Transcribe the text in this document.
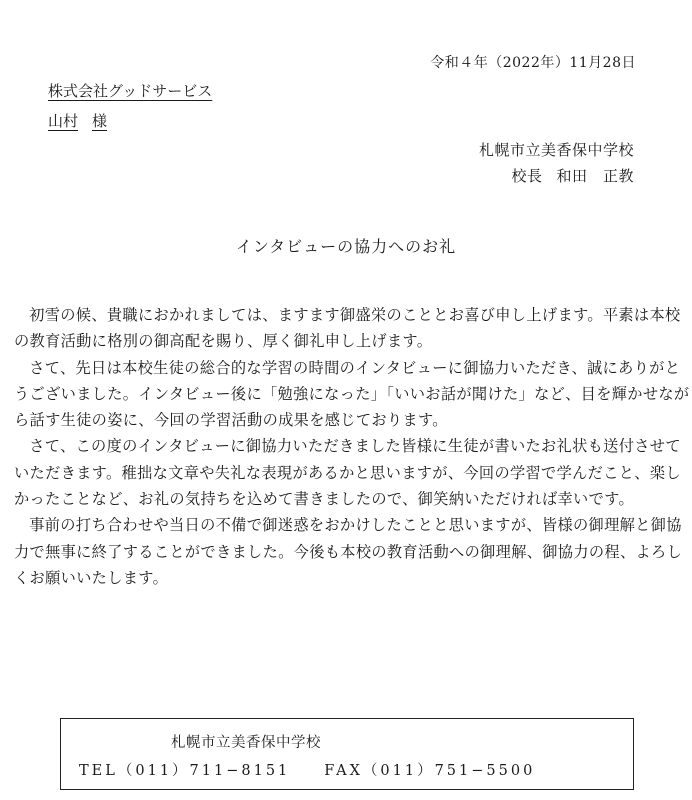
令和４年（2022年）11月28日
株式会社グッドサービス
山村 様
札幌市立美香保中学校
校長 和田　正教
インタビューの協力へのお礼

初雪の候、貴職におかれましては、ますます御盛栄のこととお喜び申し上げます。平素は本校の教育活動に格別の御高配を賜り、厚く御礼申し上げます。

さて、先日は本校生徒の総合的な学習の時間のインタビューに御協力いただき、誠にありがとうございました。インタビュー後に「勉強になった」「いいお話が聞けた」など、目を輝かせながら話す生徒の姿に、今回の学習活動の成果を感じております。

さて、この度のインタビューに御協力いただきました皆様に生徒が書いたお礼状も送付させていただきます。稚拙な文章や失礼な表現があるかと思いますが、今回の学習で学んだこと、楽しかったことなど、お礼の気持ちを込めて書きましたので、御笑納いただければ幸いです。

事前の打ち合わせや当日の不備で御迷惑をおかけしたことと思いますが、皆様の御理解と御協力で無事に終了することができました。今後も本校の教育活動への御理解、御協力の程、よろしくお願いいたします。

札幌市立美香保中学校
TEL（011）711−8151 FAX（011）751−5500
